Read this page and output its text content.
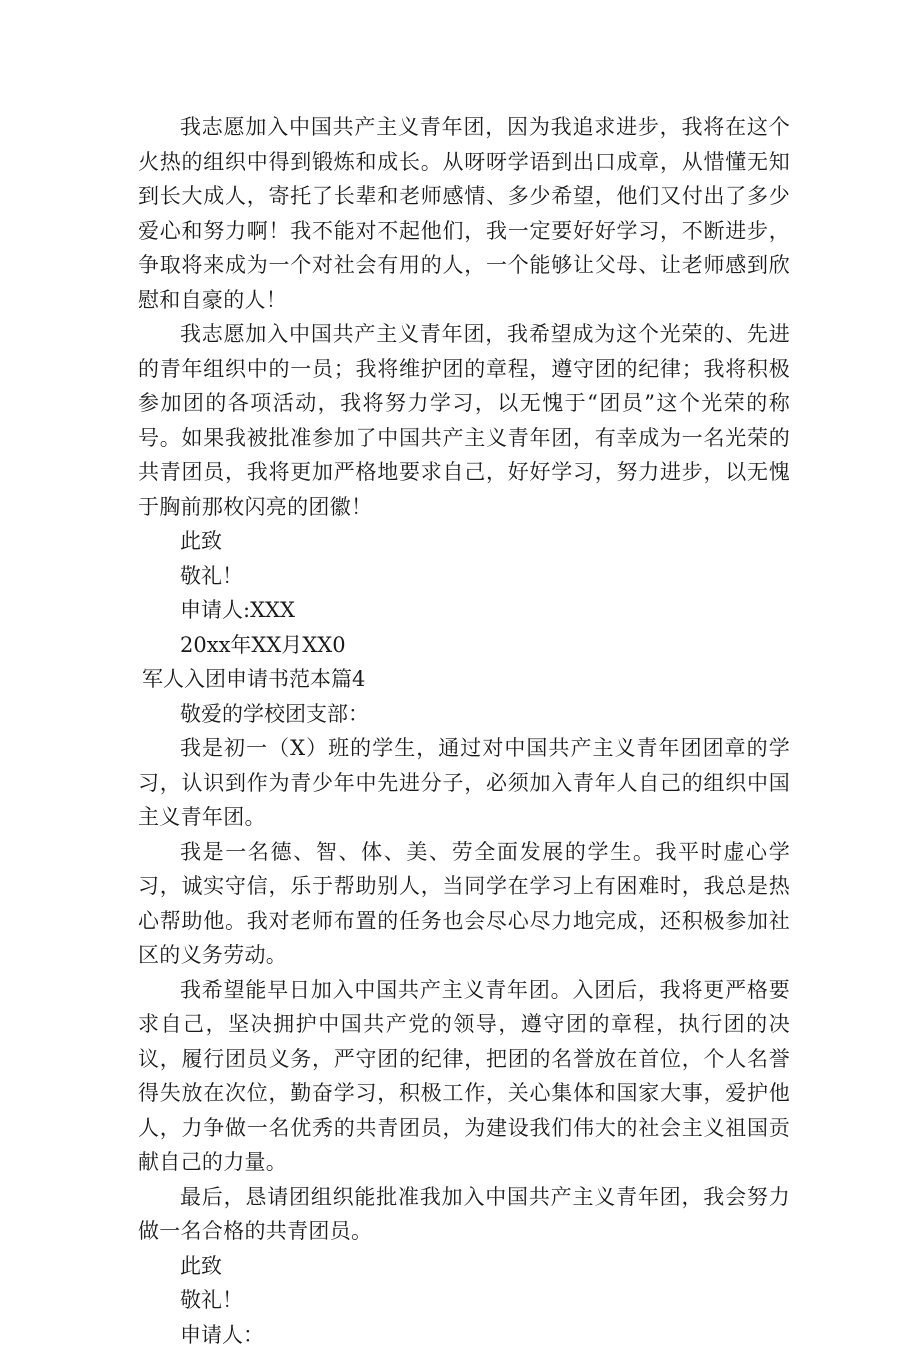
我志愿加入中国共产主义青年团，因为我追求进步，我将在这个火热的组织中得到锻炼和成长。从呀呀学语到出口成章，从惜懂无知到长大成人，寄托了长辈和老师感情、多少希望，他们又付出了多少爱心和努力啊！我不能对不起他们，我一定要好好学习，不断进步，争取将来成为一个对社会有用的人，一个能够让父母、让老师感到欣慰和自豪的人！

我志愿加入中国共产主义青年团，我希望成为这个光荣的、先进的青年组织中的一员；我将维护团的章程，遵守团的纪律；我将积极参加团的各项活动，我将努力学习，以无愧于“团员”这个光荣的称号。如果我被批准参加了中国共产主义青年团，有幸成为一名光荣的共青团员，我将更加严格地要求自己，好好学习，努力进步，以无愧于胸前那枚闪亮的团徽！

此致

敬礼！

申请人:XXX

20xx年XX月XX0

军人入团申请书范本篇4

敬爱的学校团支部：

我是初一（X）班的学生，通过对中国共产主义青年团团章的学习，认识到作为青少年中先进分子，必须加入青年人自己的组织中国主义青年团。

我是一名德、智、体、美、劳全面发展的学生。我平时虚心学习，诚实守信，乐于帮助别人，当同学在学习上有困难时，我总是热心帮助他。我对老师布置的任务也会尽心尽力地完成，还积极参加社区的义务劳动。

我希望能早日加入中国共产主义青年团。入团后，我将更严格要求自己，坚决拥护中国共产党的领导，遵守团的章程，执行团的决议，履行团员义务，严守团的纪律，把团的名誉放在首位，个人名誉得失放在次位，勤奋学习，积极工作，关心集体和国家大事，爱护他人，力争做一名优秀的共青团员，为建设我们伟大的社会主义祖国贡献自己的力量。

最后，恳请团组织能批准我加入中国共产主义青年团，我会努力做一名合格的共青团员。

此致

敬礼！

申请人：
